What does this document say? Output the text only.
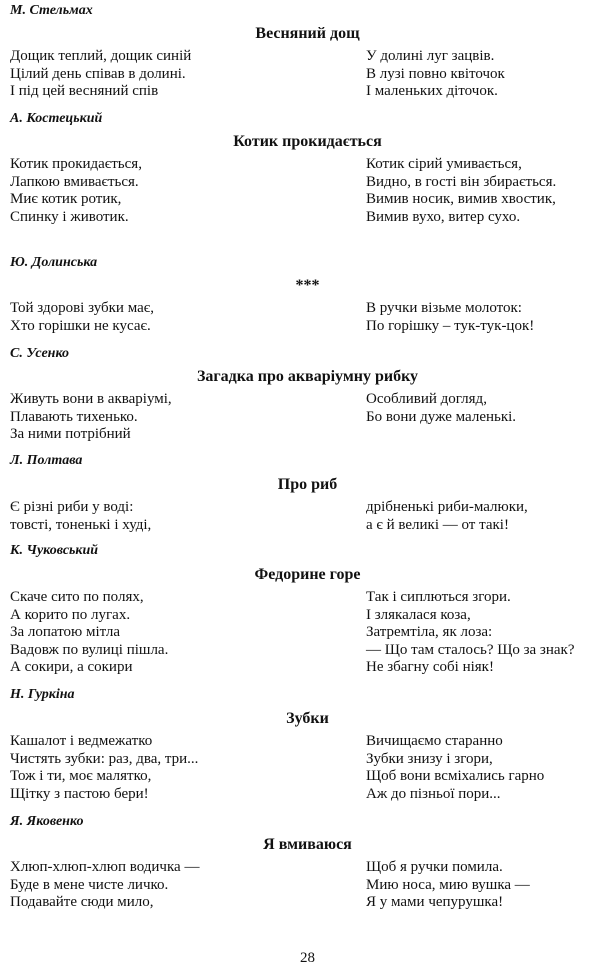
М. Стельмах
Весняний дощ
Дощик теплий, дощик синій
Цілий день співав в долині.
І під цей весняний спів
У долині луг зацвів.
В лузі повно квіточок
І маленьких діточок.
А. Костецький
Котик прокидається
Котик прокидається,
Лапкою вмивається.
Миє котик ротик,
Спинку і животик.
Котик сірий умивається,
Видно, в гості він збирається.
Вимив носик, вимив хвостик,
Вимив вухо, витер сухо.
Ю. Долинська
***
Той здорові зубки має,
Хто горішки не кусає.
В ручки візьме молоток:
По горішку – тук-тук-цок!
С. Усенко
Загадка про акваріумну рибку
Живуть вони в акваріумі,
Плавають тихенько.
За ними потрібний
Особливий догляд,
Бо вони дуже маленькі.
Л. Полтава
Про риб
Є різні риби у воді:
товсті, тоненькі і худі,
дрібненькі риби-малюки,
а є й великі — от такі!
К. Чуковський
Федорине горе
Скаче сито по полях,
А корито по лугах.
За лопатою мітла
Вадовж по вулиці пішла.
А сокири, а сокири
Так і сиплються згори.
І злякалася коза,
Затремтіла, як лоза:
— Що там сталось? Що за знак?
Не збагну собі ніяк!
Н. Гуркіна
Зубки
Кашалот і ведмежатко
Чистять зубки: раз, два, три...
Тож і ти, моє малятко,
Щітку з пастою бери!
Вичищаємо старанно
Зубки знизу і згори,
Щоб вони всміхались гарно
Аж до пізньої пори...
Я. Яковенко
Я вмиваюся
Хлюп-хлюп-хлюп водичка —
Буде в мене чисте личко.
Подавайте сюди мило,
Щоб я ручки помила.
Мию носа, мию вушка —
Я у мами чепурушка!
28
